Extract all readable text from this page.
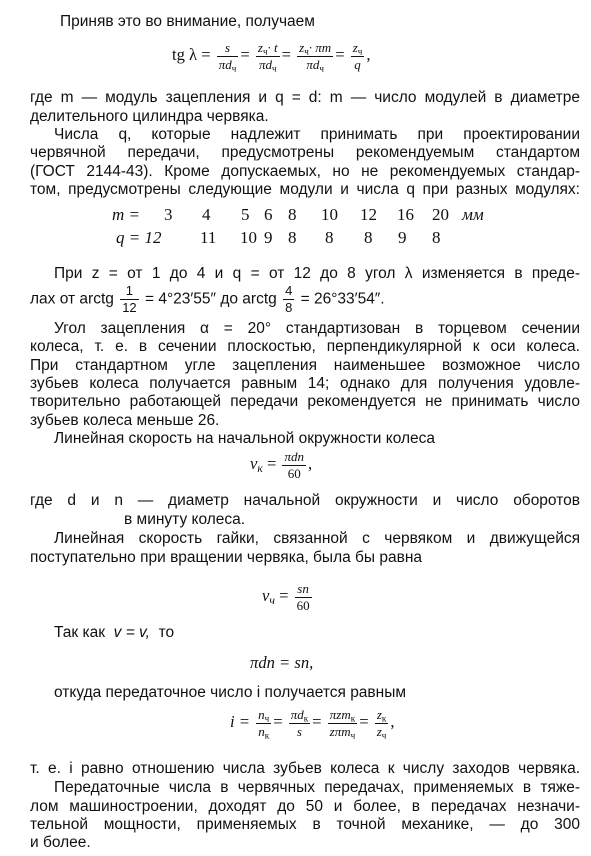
Приняв это во внимание, получаем
tg $\lambda = \frac{s}{\pi d_ч} = \frac{z_ч\cdot t}{\pi d_ч} = \frac{z_ч\cdot \pi m}{\pi d_ч} = \frac{z_ч}{q}$ ,
где m — модуль зацепления и q = d: m — число модулей в диаметре
делительного цилиндра червяка.
Числа q, которые надлежит принимать при проектировании
червячной передачи, предусмотрены рекомендуемым стандартом
(ГОСТ 2144-43). Кроме допускаемых, но не рекомендуемых стандар-
том, предусмотрены следующие модули и числа q при разных модулях:
m = 3 4 5 6 8 10 12 16 20 мм
q = 12 11 10 9 8 8 8 9 8
При z = от 1 до 4 и q = от 12 до 8 угол λ изменяется в преде-
лах от arctg $\frac{1}{12} = 4^\circ 23'55''$ до arctg $\frac{4}{8} = 26^\circ 33'54''$.
Угол зацепления α = 20° стандартизован в торцевом сечении
колеса, т. е. в сечении плоскостью, перпендикулярной к оси колеса.
При стандартном угле зацепления наименьшее возможное число
зубьев колеса получается равным 14; однако для получения удовле-
творительно работающей передачи рекомендуется не принимать число
зубьев колеса меньше 26.
Линейная скорость на начальной окружности колеса
$v_к = \frac{\text{πdn}}{60}$ ,
где d и n — диаметр начальной окружности и число оборотов
в минуту колеса.
Линейная скорость гайки, связанной с червяком и движущейся
поступательно при вращении червяка, была бы равна
$v_ч = \frac{sn}{60}$
Так как v = v, то
πdn = sn,
откуда передаточное число i получается равным
$i = \frac{n_ч}{n_к} = \frac{\pi d_к}{s} = \frac{\pi zm_к}{z\pi m_ч} = \frac{z_к}{z_ч}$ ,
т. е. i равно отношению числа зубьев колеса к числу заходов червяка.
Передаточные числа в червячных передачах, применяемых в тяже-
лом машиностроении, доходят до 50 и более, в передачах незначи-
тельной мощности, применяемых в точной механике, — до 300
и более.
